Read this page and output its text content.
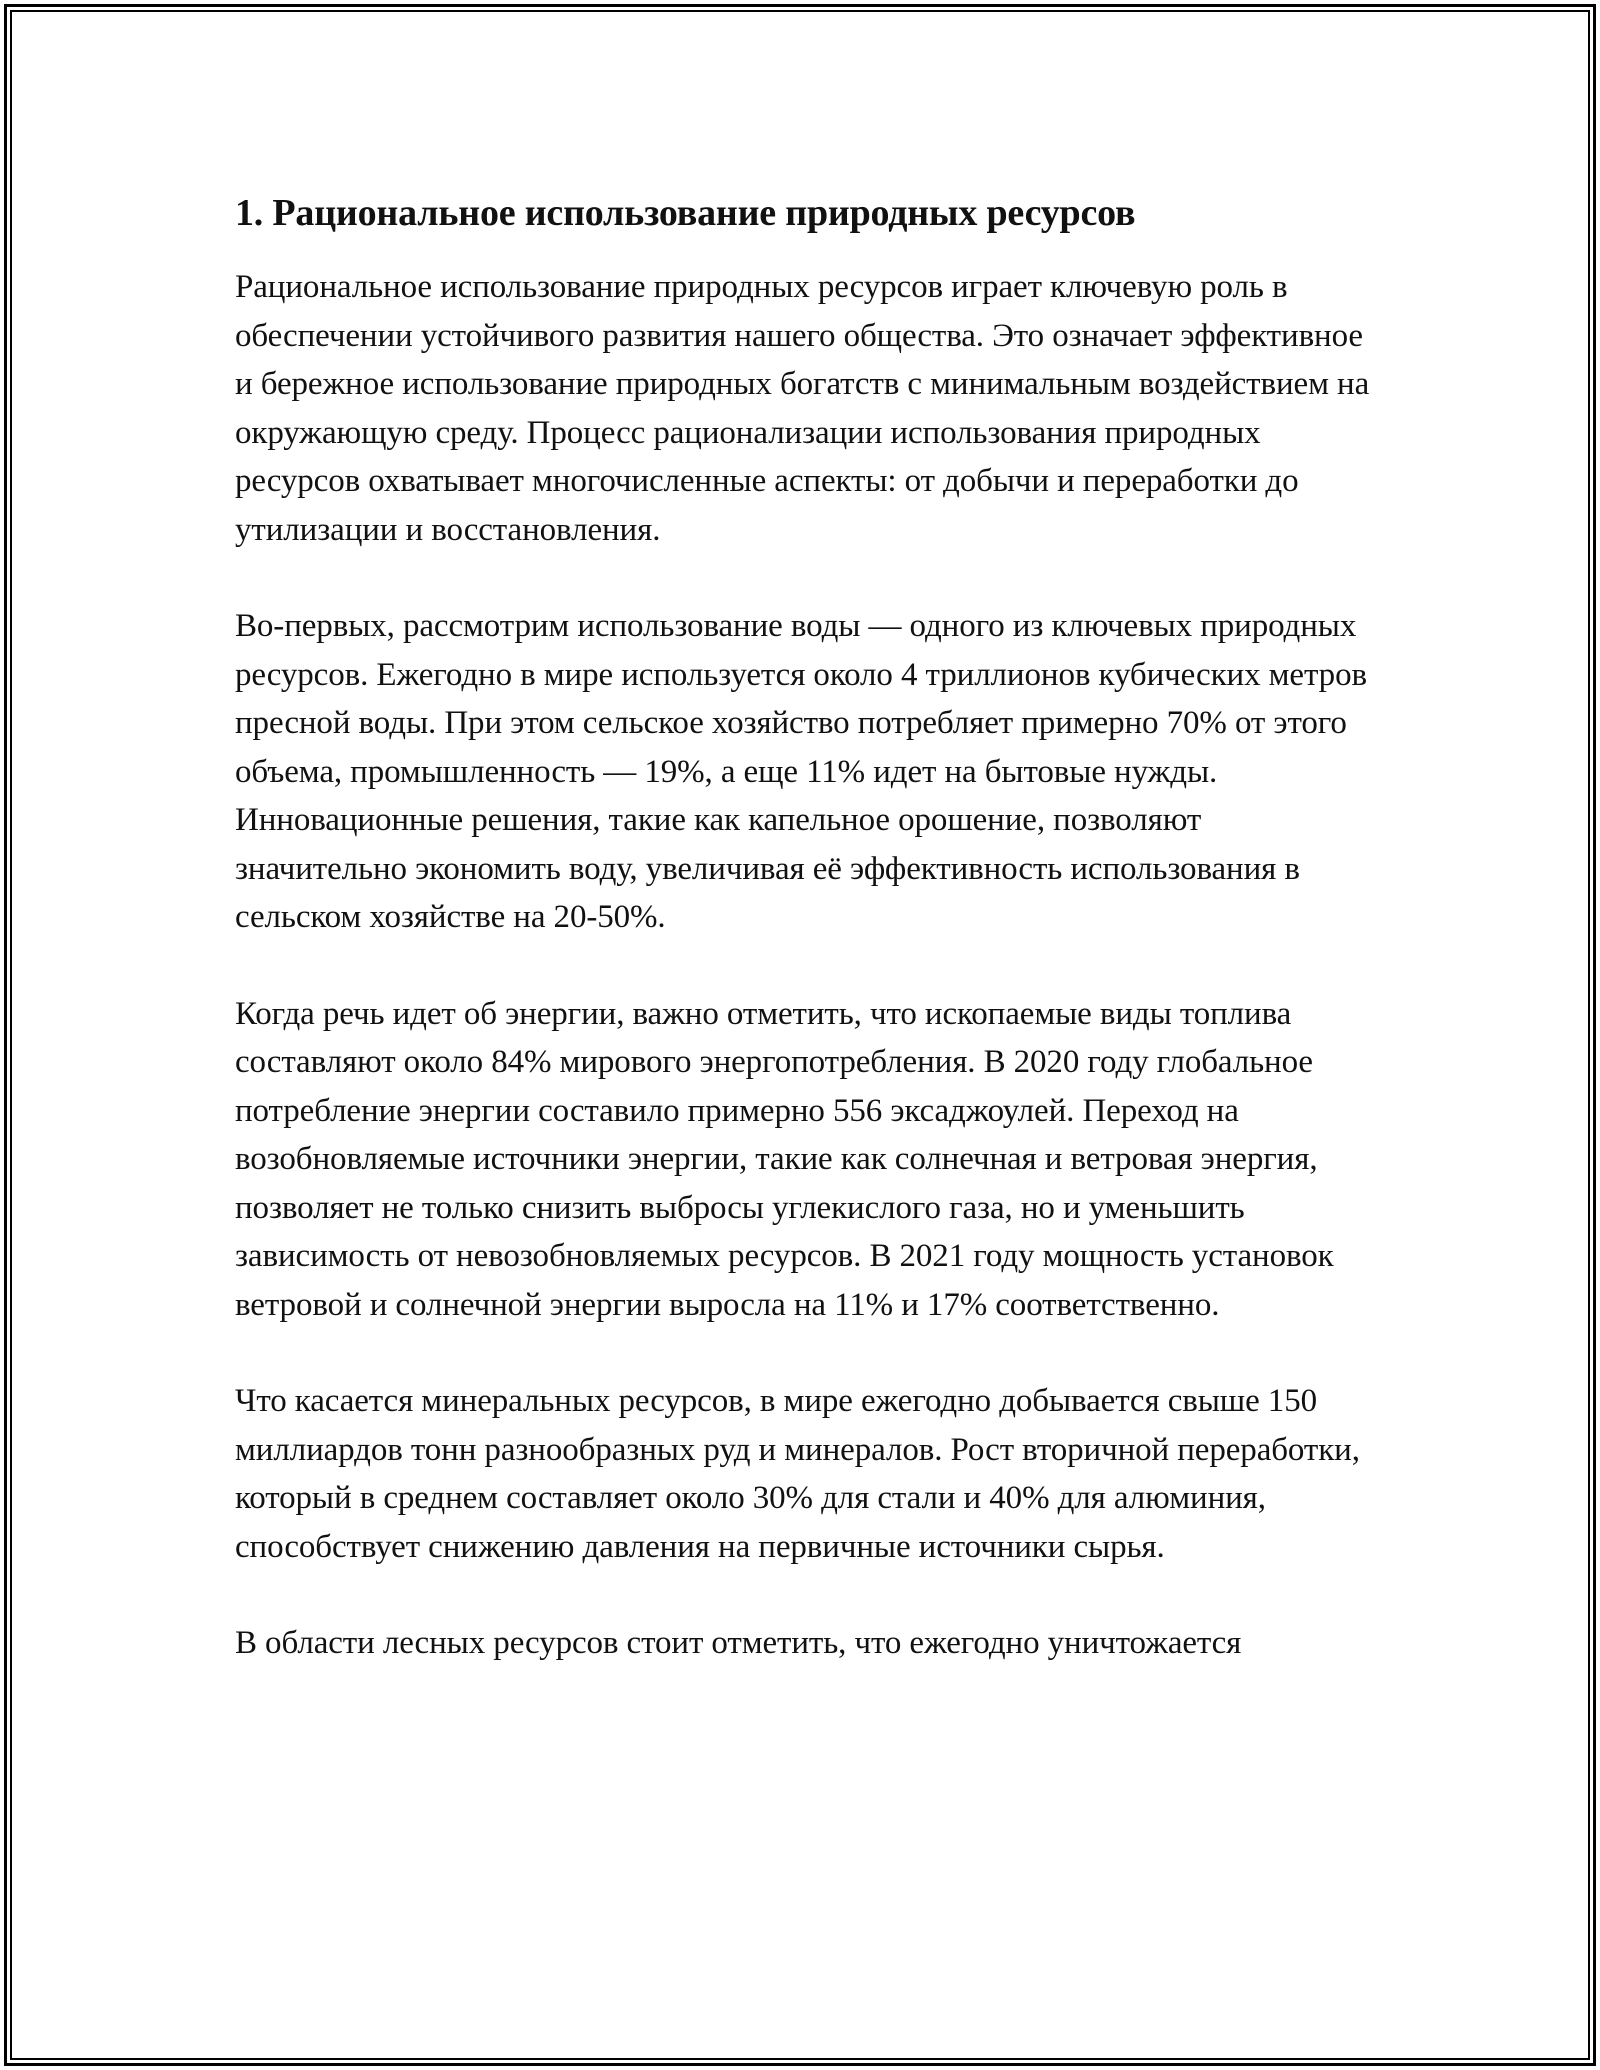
1. Рациональное использование природных ресурсов

Рациональное использование природных ресурсов играет ключевую роль в обеспечении устойчивого развития нашего общества. Это означает эффективное и бережное использование природных богатств с минимальным воздействием на окружающую среду. Процесс рационализации использования природных ресурсов охватывает многочисленные аспекты: от добычи и переработки до утилизации и восстановления.

Во-первых, рассмотрим использование воды — одного из ключевых природных ресурсов. Ежегодно в мире используется около 4 триллионов кубических метров пресной воды. При этом сельское хозяйство потребляет примерно 70% от этого объема, промышленность — 19%, а еще 11% идет на бытовые нужды. Инновационные решения, такие как капельное орошение, позволяют значительно экономить воду, увеличивая её эффективность использования в сельском хозяйстве на 20-50%.

Когда речь идет об энергии, важно отметить, что ископаемые виды топлива составляют около 84% мирового энергопотребления. В 2020 году глобальное потребление энергии составило примерно 556 эксаджоулей. Переход на возобновляемые источники энергии, такие как солнечная и ветровая энергия, позволяет не только снизить выбросы углекислого газа, но и уменьшить зависимость от невозобновляемых ресурсов. В 2021 году мощность установок ветровой и солнечной энергии выросла на 11% и 17% соответственно.

Что касается минеральных ресурсов, в мире ежегодно добывается свыше 150 миллиардов тонн разнообразных руд и минералов. Рост вторичной переработки, который в среднем составляет около 30% для стали и 40% для алюминия, способствует снижению давления на первичные источники сырья.

В области лесных ресурсов стоит отметить, что ежегодно уничтожается
